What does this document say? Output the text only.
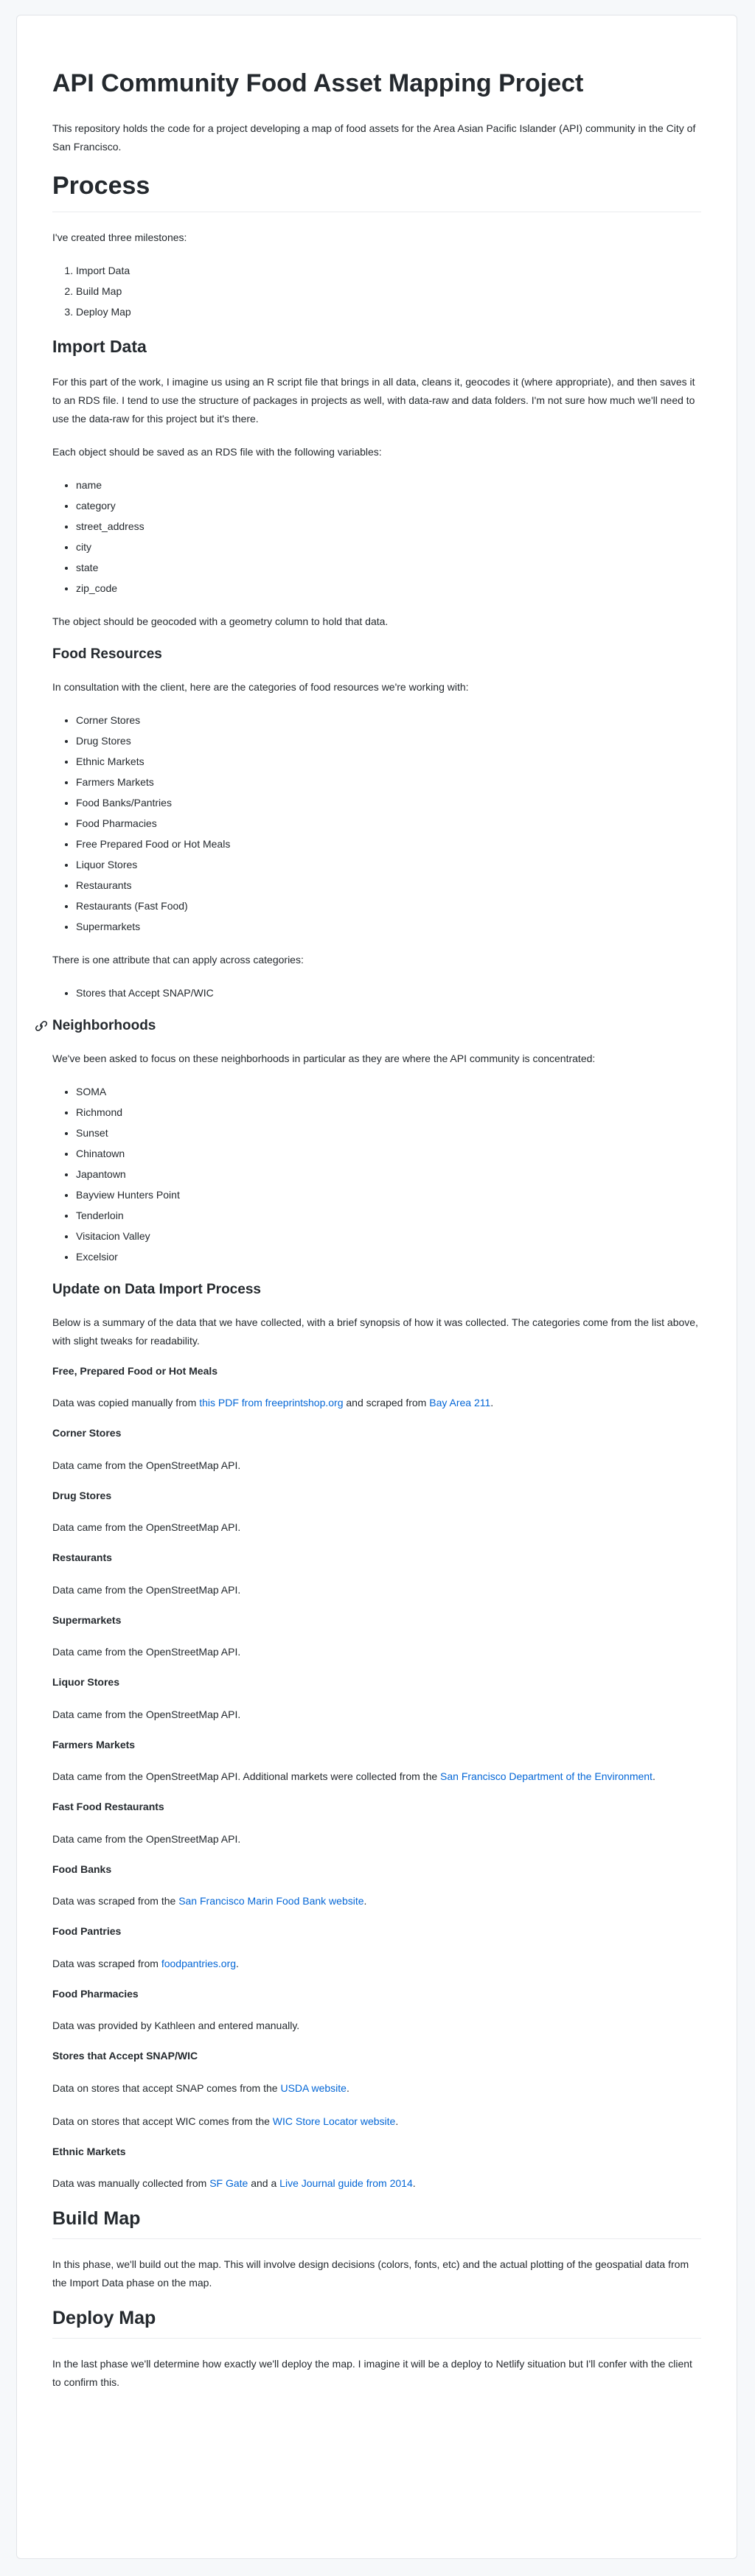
API Community Food Asset Mapping Project

This repository holds the code for a project developing a map of food assets for the Area Asian Pacific Islander (API) community in the City of San Francisco.

Process

I've created three milestones:

1. Import Data
2. Build Map
3. Deploy Map
Import Data

For this part of the work, I imagine us using an R script file that brings in all data, cleans it, geocodes it (where appropriate), and then saves it to an RDS file. I tend to use the structure of packages in projects as well, with data-raw and data folders. I'm not sure how much we'll need to use the data-raw for this project but it's there.

Each object should be saved as an RDS file with the following variables:

• name
• category
• street_address
• city
• state
• zip_code

The object should be geocoded with a geometry column to hold that data.

Food Resources

In consultation with the client, here are the categories of food resources we're working with:

• Corner Stores
• Drug Stores
• Ethnic Markets
• Farmers Markets
• Food Banks/Pantries
• Food Pharmacies
• Free Prepared Food or Hot Meals
• Liquor Stores
• Restaurants
• Restaurants (Fast Food)
• Supermarkets

There is one attribute that can apply across categories:

• Stores that Accept SNAP/WIC
Neighborhoods

We've been asked to focus on these neighborhoods in particular as they are where the API community is concentrated:

• SOMA
• Richmond
• Sunset
• Chinatown
• Japantown
• Bayview Hunters Point
• Tenderloin
• Visitacion Valley
• Excelsior
Update on Data Import Process

Below is a summary of the data that we have collected, with a brief synopsis of how it was collected. The categories come from the list above, with slight tweaks for readability.

Free, Prepared Food or Hot Meals

Data was copied manually from this PDF from freeprintshop.org and scraped from Bay Area 211.

Corner Stores

Data came from the OpenStreetMap API.

Drug Stores

Data came from the OpenStreetMap API.

Restaurants

Data came from the OpenStreetMap API.

Supermarkets

Data came from the OpenStreetMap API.

Liquor Stores

Data came from the OpenStreetMap API.

Farmers Markets

Data came from the OpenStreetMap API. Additional markets were collected from the San Francisco Department of the Environment.

Fast Food Restaurants

Data came from the OpenStreetMap API.

Food Banks

Data was scraped from the San Francisco Marin Food Bank website.

Food Pantries

Data was scraped from foodpantries.org.

Food Pharmacies

Data was provided by Kathleen and entered manually.

Stores that Accept SNAP/WIC

Data on stores that accept SNAP comes from the USDA website.

Data on stores that accept WIC comes from the WIC Store Locator website.

Ethnic Markets

Data was manually collected from SF Gate and a Live Journal guide from 2014.

Build Map

In this phase, we'll build out the map. This will involve design decisions (colors, fonts, etc) and the actual plotting of the geospatial data from the Import Data phase on the map.

Deploy Map

In the last phase we'll determine how exactly we'll deploy the map. I imagine it will be a deploy to Netlify situation but I'll confer with the client to confirm this.
